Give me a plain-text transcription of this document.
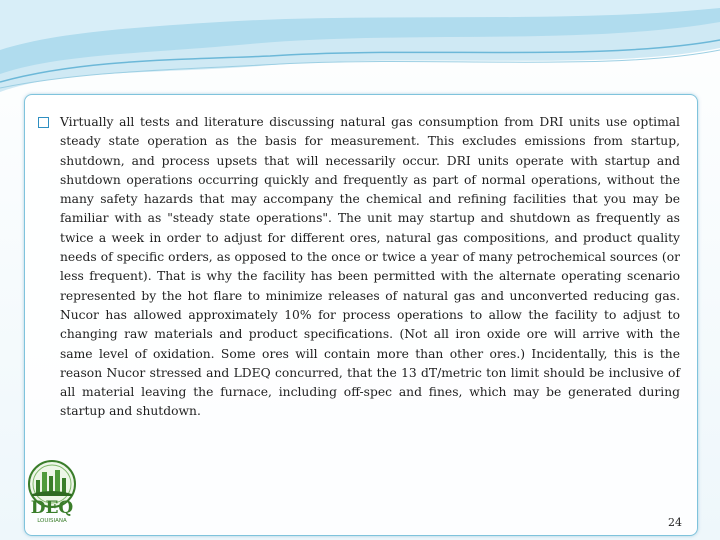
Virtually all tests and literature discussing natural gas consumption from DRI units use optimal steady state operation as the basis for measurement. This excludes emissions from startup, shutdown, and process upsets that will necessarily occur. DRI units operate with startup and shutdown operations occurring quickly and frequently as part of normal operations, without the many safety hazards that may accompany the chemical and refining facilities that you may be familiar with as "steady state operations". The unit may startup and shutdown as frequently as twice a week in order to adjust for different ores, natural gas compositions, and product quality needs of specific orders, as opposed to the once or twice a year of many petrochemical sources (or less frequent). That is why the facility has been permitted with the alternate operating scenario represented by the hot flare to minimize releases of natural gas and unconverted reducing gas. Nucor has allowed approximately 10% for process operations to allow the facility to adjust to changing raw materials and product specifications. (Not all iron oxide ore will arrive with the same level of oxidation. Some ores will contain more than other ores.) Incidentally, this is the reason Nucor stressed and LDEQ concurred, that the 13 dT/metric ton limit should be inclusive of all material leaving the furnace, including off-spec and fines, which may be generated during startup and shutdown.

DEQ
LOUISIANA	24
